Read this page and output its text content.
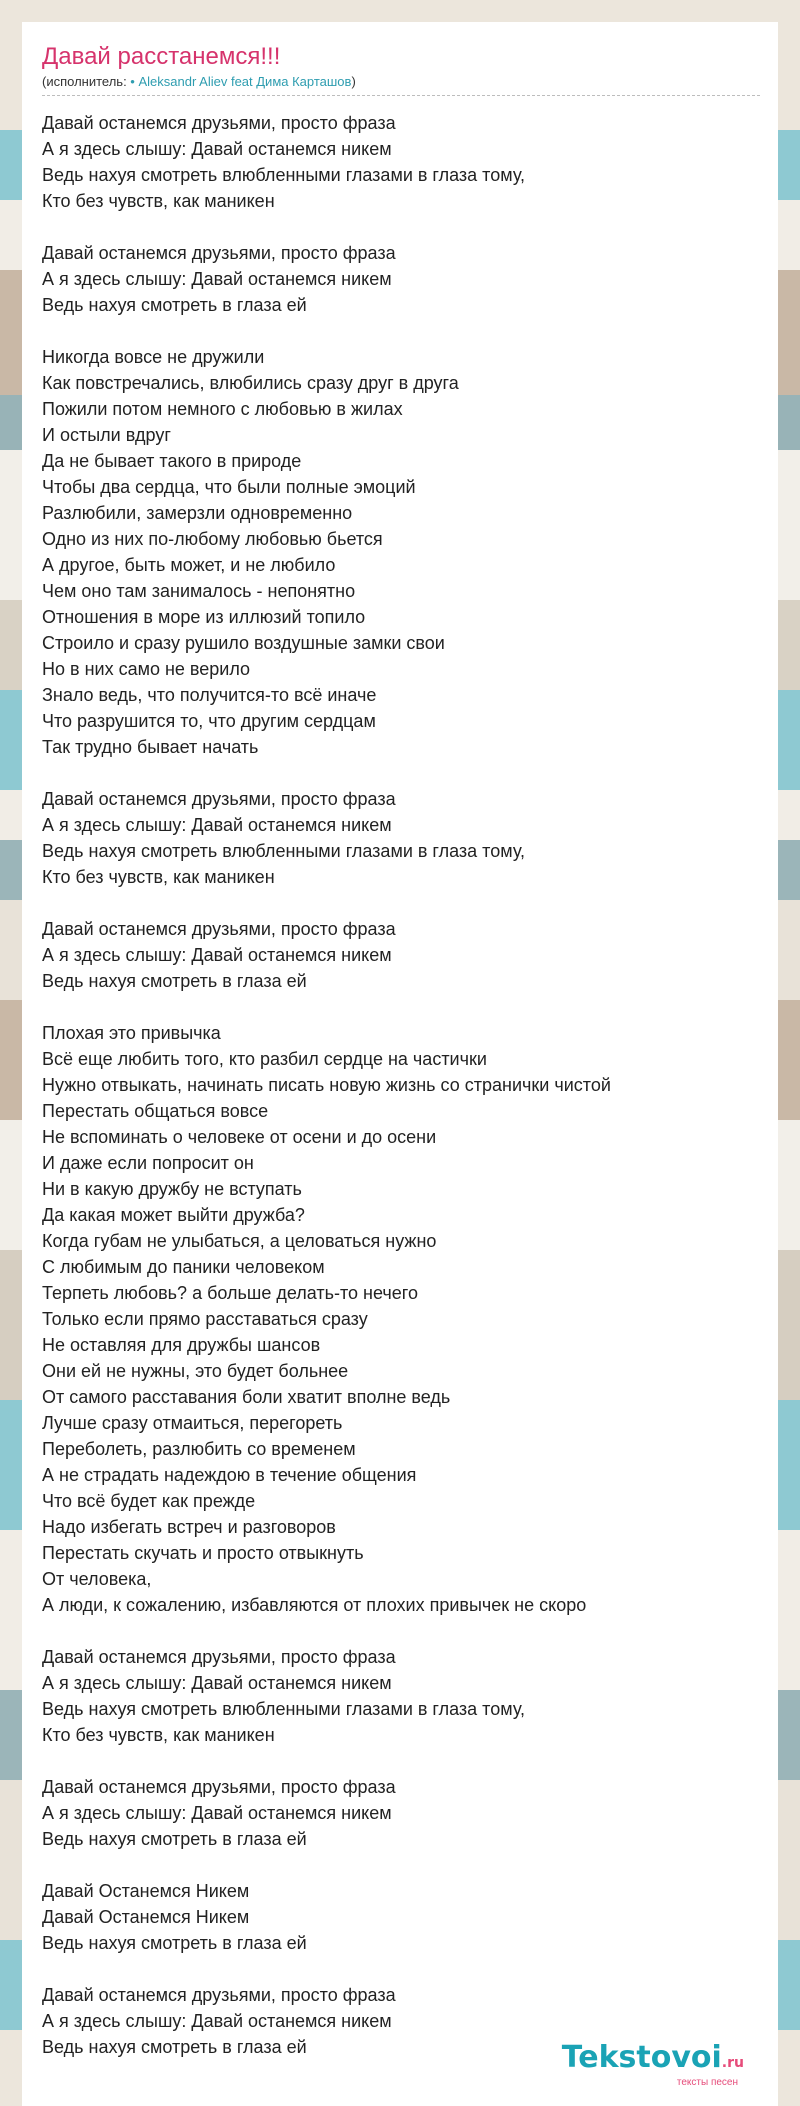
Давай расстанемся!!!
(исполнитель: • Aleksandr Aliev feat Дима Карташов)
Давай останемся друзьями, просто фраза
А я здесь слышу: Давай останемся никем
Ведь нахуя смотреть влюбленными глазами в глаза тому,
Кто без чувств, как маникен
Давай останемся друзьями, просто фраза
А я здесь слышу: Давай останемся никем
Ведь нахуя смотреть в глаза ей
Никогда вовсе не дружили
Как повстречались, влюбились сразу друг в друга
Пожили потом немного с любовью в жилах
И остыли вдруг
Да не бывает такого в природе
Чтобы два сердца, что были полные эмоций
Разлюбили, замерзли одновременно
Одно из них по-любому любовью бьется
А другое, быть может, и не любило
Чем оно там занималось - непонятно
Отношения в море из иллюзий топило
Строило и сразу рушило воздушные замки свои
Но в них само не верило
Знало ведь, что получится-то всё иначе
Что разрушится то, что другим сердцам
Так трудно бывает начать
Давай останемся друзьями, просто фраза
А я здесь слышу: Давай останемся никем
Ведь нахуя смотреть влюбленными глазами в глаза тому,
Кто без чувств, как маникен
Давай останемся друзьями, просто фраза
А я здесь слышу: Давай останемся никем
Ведь нахуя смотреть в глаза ей
Плохая это привычка
Всё еще любить того, кто разбил сердце на частички
Нужно отвыкать, начинать писать новую жизнь со странички чистой
Перестать общаться вовсе
Не вспоминать о человеке от осени и до осени
И даже если попросит он
Ни в какую дружбу не вступать
Да какая может выйти дружба?
Когда губам не улыбаться, а целоваться нужно
С любимым до паники человеком
Терпеть любовь? а больше делать-то нечего
Только если прямо расставаться сразу
Не оставляя для дружбы шансов
Они ей не нужны, это будет больнее
От самого расставания боли хватит вполне ведь
Лучше сразу отмаиться, перегореть
Переболеть, разлюбить со временем
А не страдать надеждою в течение общения
Что всё будет как прежде
Надо избегать встреч и разговоров
Перестать скучать и просто отвыкнуть
От человека,
А люди, к сожалению, избавляются от плохих привычек не скоро
Давай останемся друзьями, просто фраза
А я здесь слышу: Давай останемся никем
Ведь нахуя смотреть влюбленными глазами в глаза тому,
Кто без чувств, как маникен
Давай останемся друзьями, просто фраза
А я здесь слышу: Давай останемся никем
Ведь нахуя смотреть в глаза ей
Давай Останемся Никем
Давай Останемся Никем
Ведь нахуя смотреть в глаза ей
Давай останемся друзьями, просто фраза
А я здесь слышу: Давай останемся никем
Ведь нахуя смотреть в глаза ей	Tekstovoi.ru
тексты песен
